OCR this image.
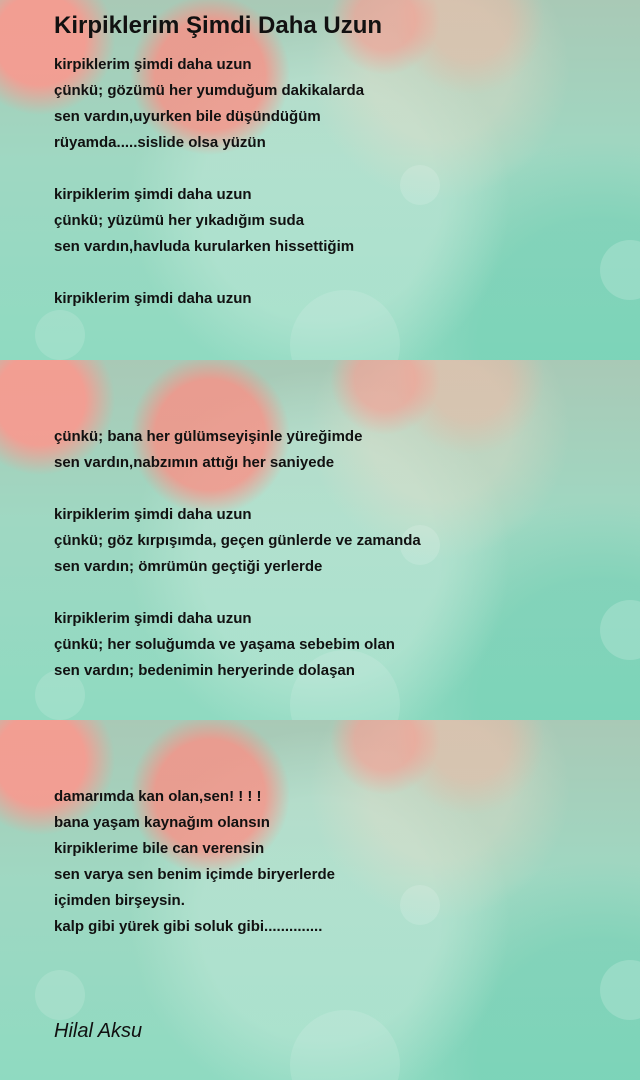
Kirpiklerim Şimdi Daha Uzun
kirpiklerim şimdi daha uzun
çünkü; gözümü her yumduğum dakikalarda
sen vardın,uyurken bile düşündüğüm
rüyamda.....sislide olsa yüzün
kirpiklerim şimdi daha uzun
çünkü; yüzümü her yıkadığım suda
sen vardın,havluda kurularken hissettiğim
kirpiklerim şimdi daha uzun
çünkü; bana her gülümseyişinle yüreğimde
sen vardın,nabzımın attığı her saniyede
kirpiklerim şimdi daha uzun
çünkü; göz kırpışımda, geçen günlerde ve zamanda
sen vardın; ömrümün geçtiği yerlerde
kirpiklerim şimdi daha uzun
çünkü; her soluğumda ve yaşama sebebim olan
sen vardın; bedenimin heryerinde dolaşan
damarımda kan olan,sen! ! ! !
bana yaşam kaynağım olansın
kirpiklerime bile can verensin
sen varya sen benim içimde biryerlerde
içimden birşeysin.
kalp gibi yürek gibi soluk gibi..............
Hilal Aksu
